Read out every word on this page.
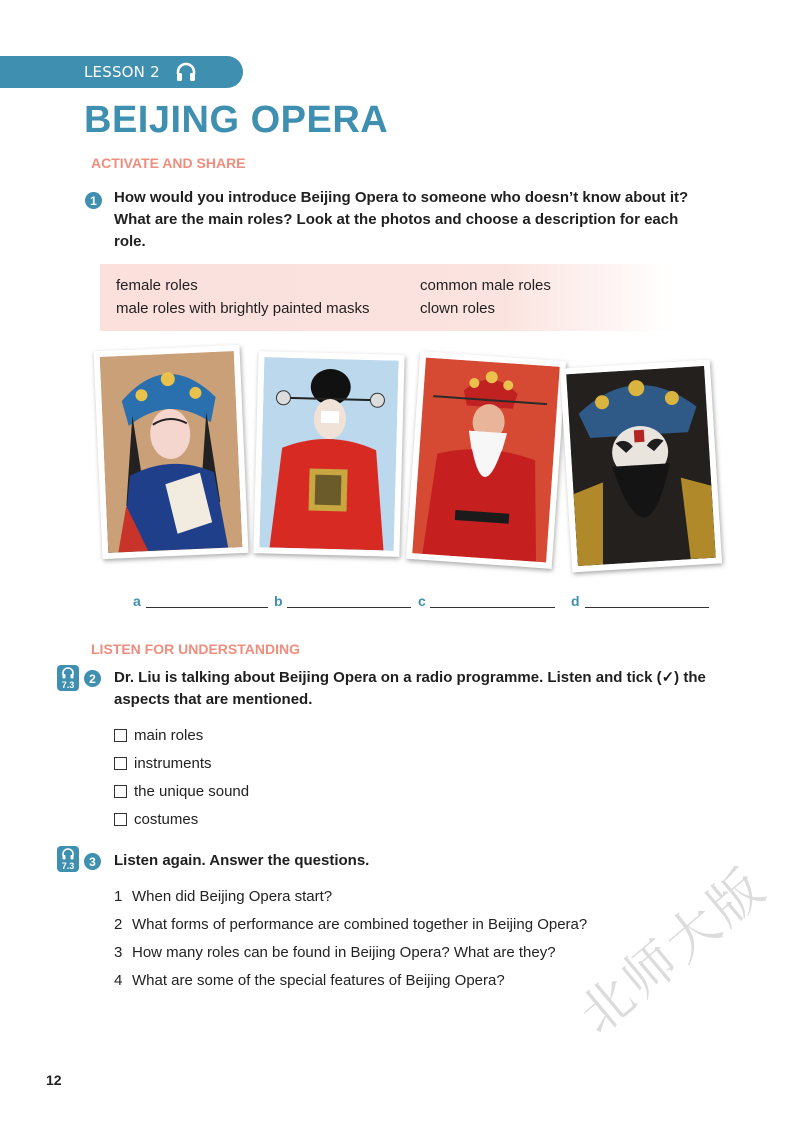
LESSON 2
BEIJING OPERA
ACTIVATE AND SHARE
1	How would you introduce Beijing Opera to someone who doesn’t know about it? What are the main roles? Look at the photos and choose a description for each role.
female roles	common male roles
male roles with brightly painted masks	clown roles
a	b	c	d
LISTEN FOR UNDERSTANDING
7.3	2	Dr. Liu is talking about Beijing Opera on a radio programme. Listen and tick (✓) the aspects that are mentioned.
main roles
instruments
the unique sound
costumes
7.3	3	Listen again. Answer the questions.
1 When did Beijing Opera start?
2 What forms of performance are combined together in Beijing Opera?
3 How many roles can be found in Beijing Opera? What are they?
4 What are some of the special features of Beijing Opera? 北师大版
12
